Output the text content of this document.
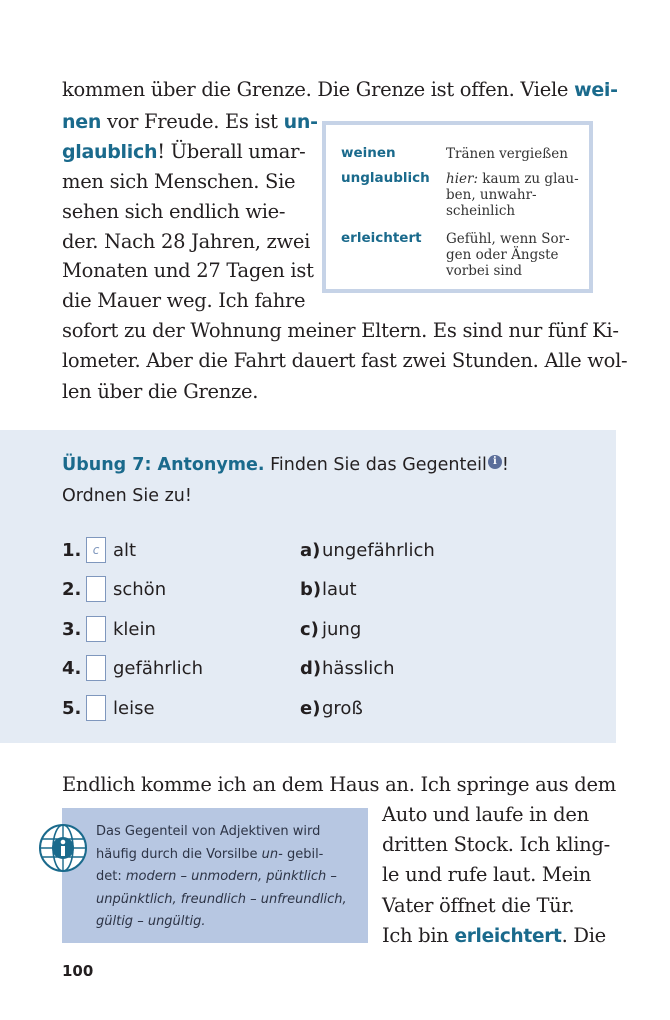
kommen über die Grenze. Die Grenze ist offen. Viele wei-
nen vor Freude. Es ist un-
glaublich! Überall umar-
men sich Menschen. Sie
sehen sich endlich wie-
der. Nach 28 Jahren, zwei
Monaten und 27 Tagen ist
die Mauer weg. Ich fahre
sofort zu der Wohnung meiner Eltern. Es sind nur fünf Ki-
lometer. Aber die Fahrt dauert fast zwei Stunden. Alle wol-
len über die Grenze.
weinen	Tränen vergießen
unglaublich hier: kaum zu glau-
ben, unwahr-
scheinlich
erleichtert Gefühl, wenn Sor-
gen oder Ängste
vorbei sind
Übung 7: Antonyme. Finden Sie das Gegenteil i !
Ordnen Sie zu!
1. c alt	a) ungefährlich
2. schön	b) laut
3. klein	c) jung
4. gefährlich	d) hässlich
5. leise	e) groß
Endlich komme ich an dem Haus an. Ich springe aus dem
Auto und laufe in den
dritten Stock. Ich kling-
le und rufe laut. Mein
Vater öffnet die Tür.
Ich bin erleichtert. Die
Das Gegenteil von Adjektiven wird
häufig durch die Vorsilbe un- gebil-
det: modern – unmodern, pünktlich –
unpünktlich, freundlich – unfreundlich,
gültig – ungültig.
100
